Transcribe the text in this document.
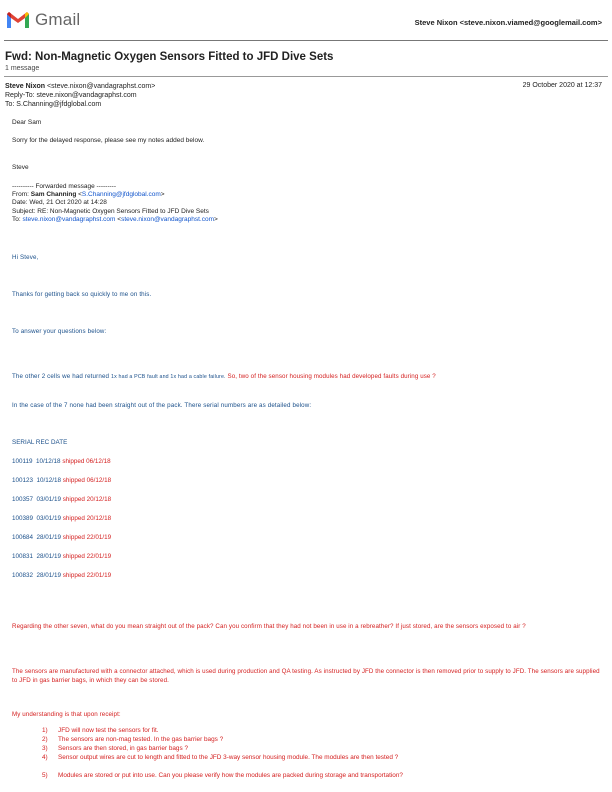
Gmail	Steve Nixon <steve.nixon.viamed@googlemail.com>
Fwd: Non-Magnetic Oxygen Sensors Fitted to JFD Dive Sets
1 message
Steve Nixon <steve.nixon@vandagraphst.com>
Reply-To: steve.nixon@vandagraphst.com
To: S.Channing@jfdglobal.com
29 October 2020 at 12:37
Dear Sam
Sorry for the delayed response, please see my notes added below.
Steve
---------- Forwarded message ---------
From: Sam Channing <S.Channing@jfdglobal.com>
Date: Wed, 21 Oct 2020 at 14:28
Subject: RE: Non-Magnetic Oxygen Sensors Fitted to JFD Dive Sets
To: steve.nixon@vandagraphst.com <steve.nixon@vandagraphst.com>
Hi Steve,
Thanks for getting back so quickly to me on this.
To answer your questions below:
The other 2 cells we had returned 1x had a PCB fault and 1x had a cable failure. So, two of the sensor housing modules had developed faults during use ?
In the case of the 7 none had been straight out of the pack. There serial numbers are as detailed below:
SERIAL REC DATE
100119  10/12/18 shipped 06/12/18
100123  10/12/18 shipped 06/12/18
100357  03/01/19 shipped 20/12/18
100389  03/01/19 shipped 20/12/18
100684  28/01/19 shipped 22/01/19
100831  28/01/19 shipped 22/01/19
100832  28/01/19 shipped 22/01/19
Regarding the other seven, what do you mean straight out of the pack? Can you confirm that they had not been in use in a rebreather? If just stored, are the sensors exposed to air ?
The sensors are manufactured with a connector attached, which is used during production and QA testing. As instructed by JFD the connector is then removed prior to supply to JFD. The sensors are supplied to JFD in gas barrier bags, in which they can be stored.
My understanding is that upon receipt:
1) JFD will now test the sensors for fit.
2) The sensors are non-mag tested. In the gas barrier bags ?
3) Sensors are then stored, in gas barrier bags ?
4) Sensor output wires are cut to length and fitted to the JFD 3-way sensor housing module. The modules are then tested ?
5) Modules are stored or put into use. Can you please verify how the modules are packed during storage and transportation?
